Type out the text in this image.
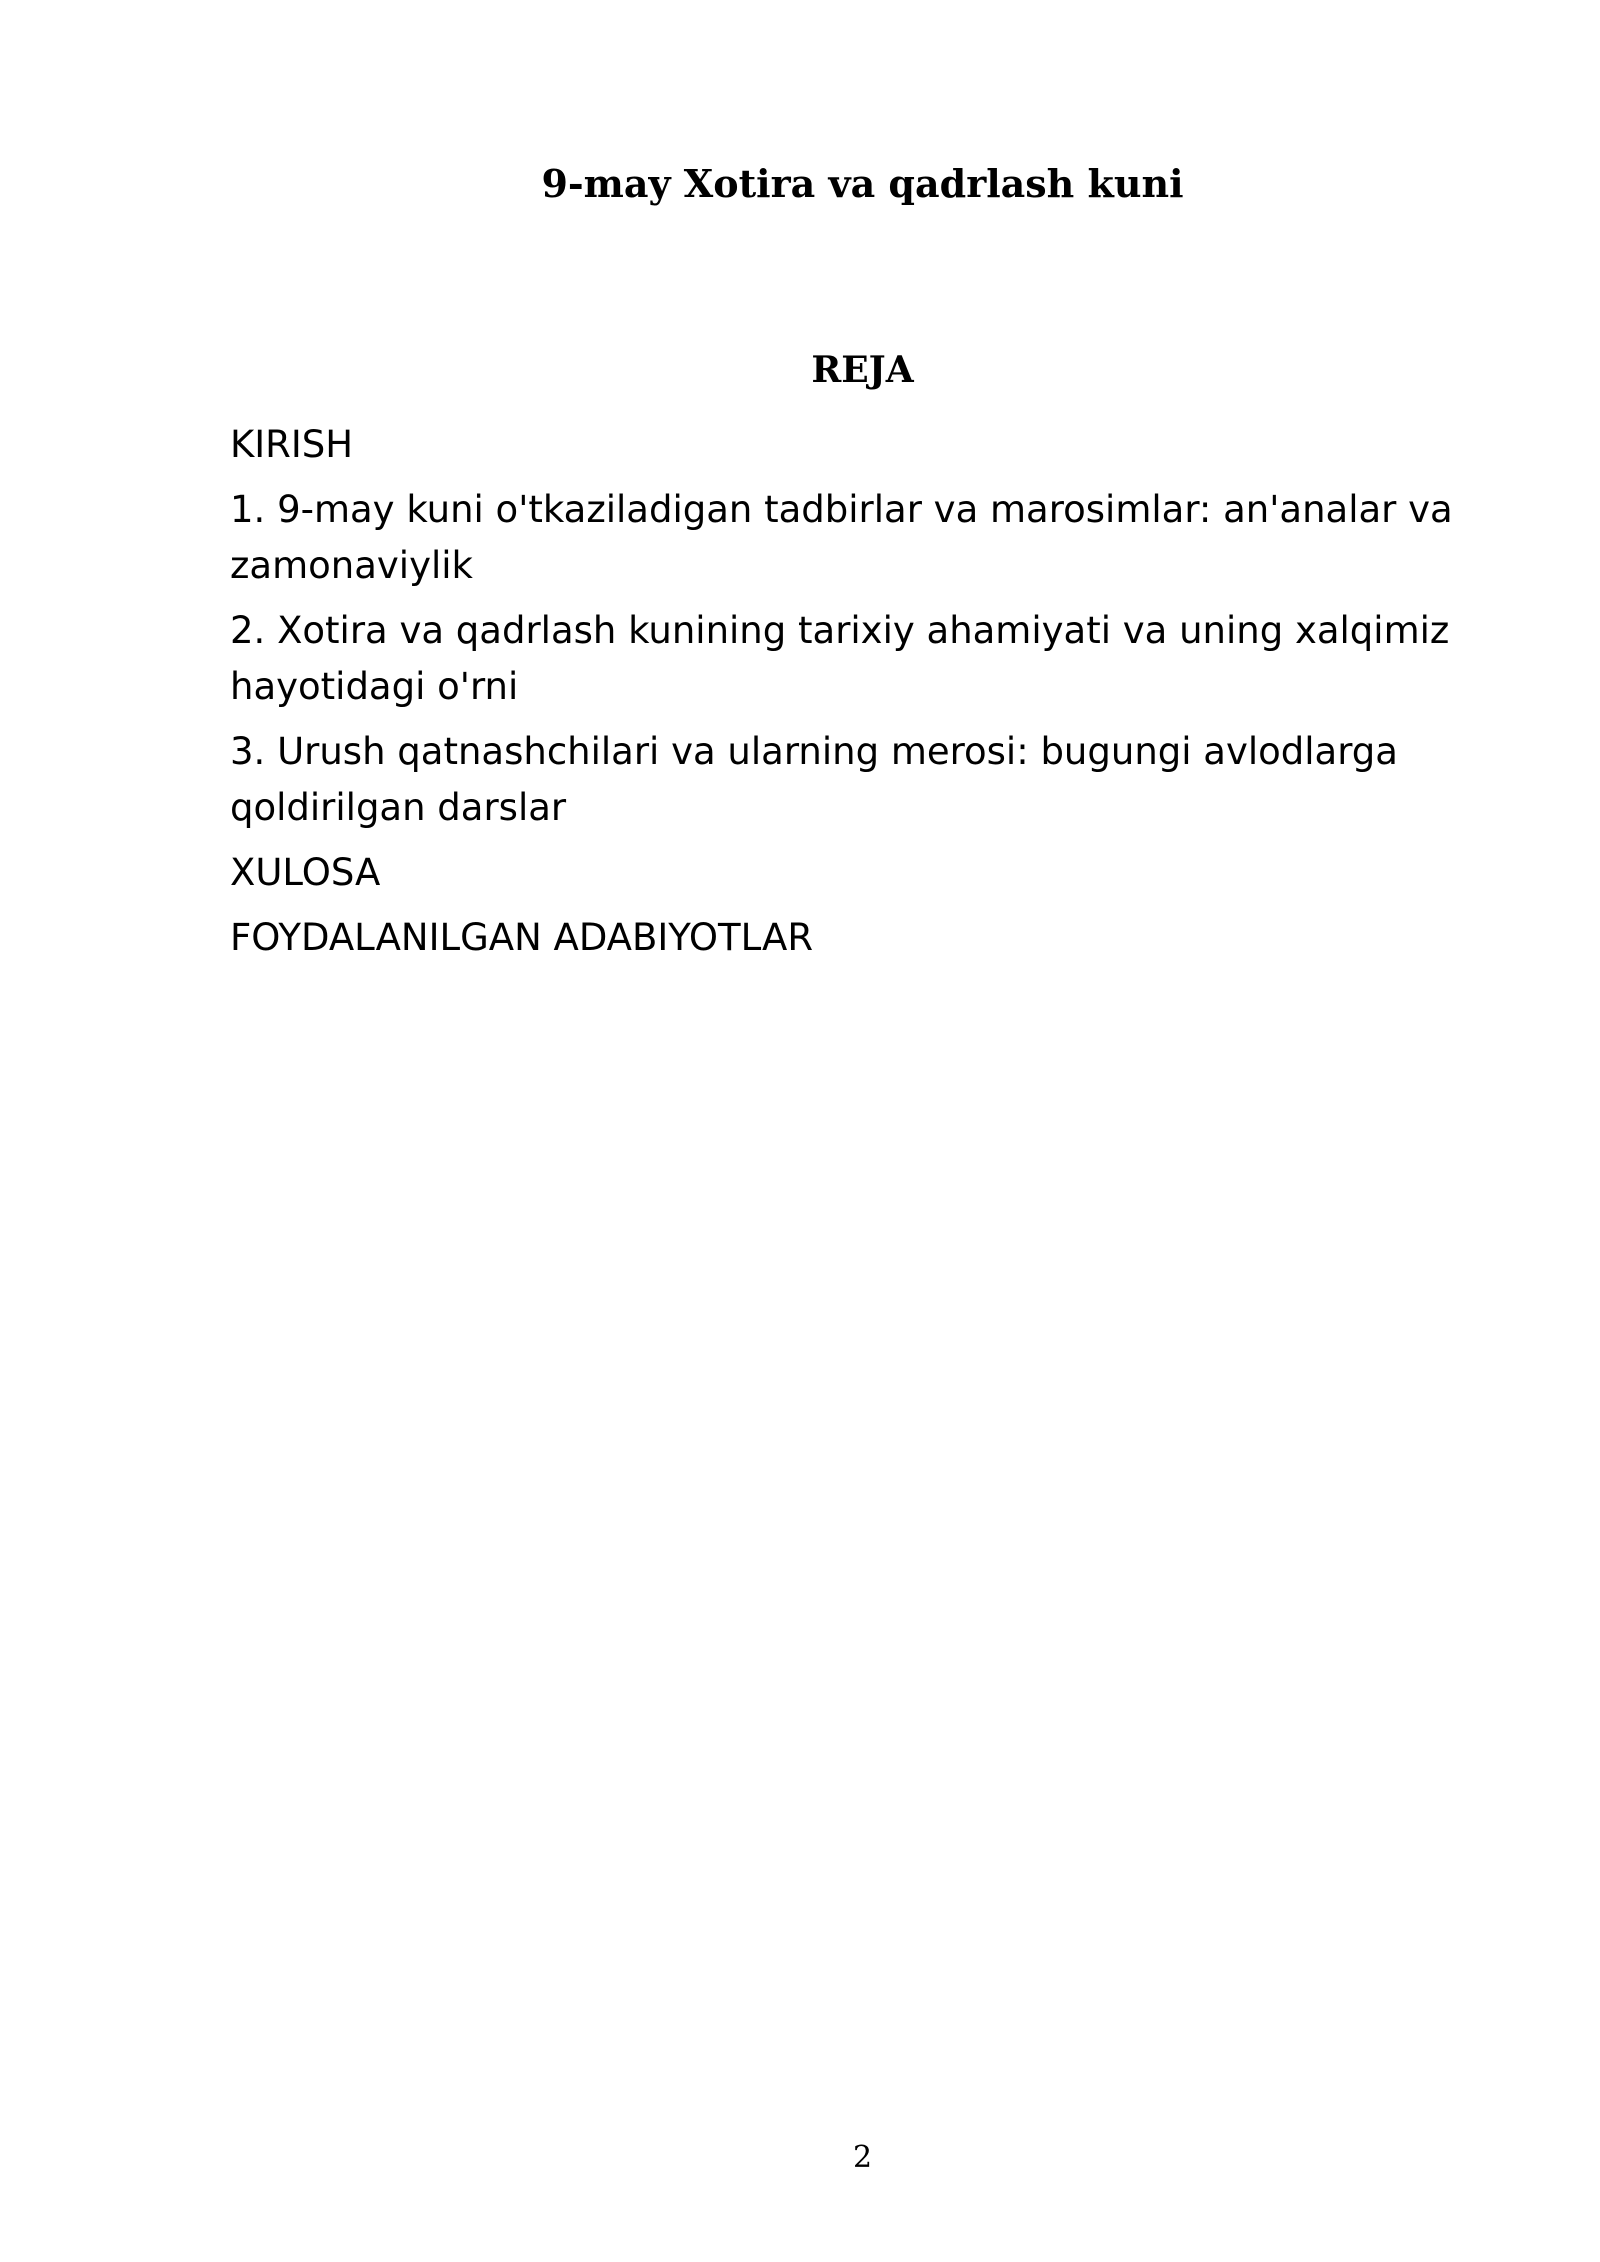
9-may Xotira va qadrlash kuni
REJA
KIRISH
1. 9-may kuni o'tkaziladigan tadbirlar va marosimlar: an'analar va zamonaviylik
2. Xotira va qadrlash kunining tarixiy ahamiyati va uning xalqimiz hayotidagi o'rni
3. Urush qatnashchilari va ularning merosi: bugungi avlodlarga qoldirilgan darslar
XULOSA
FOYDALANILGAN ADABIYOTLAR
2
